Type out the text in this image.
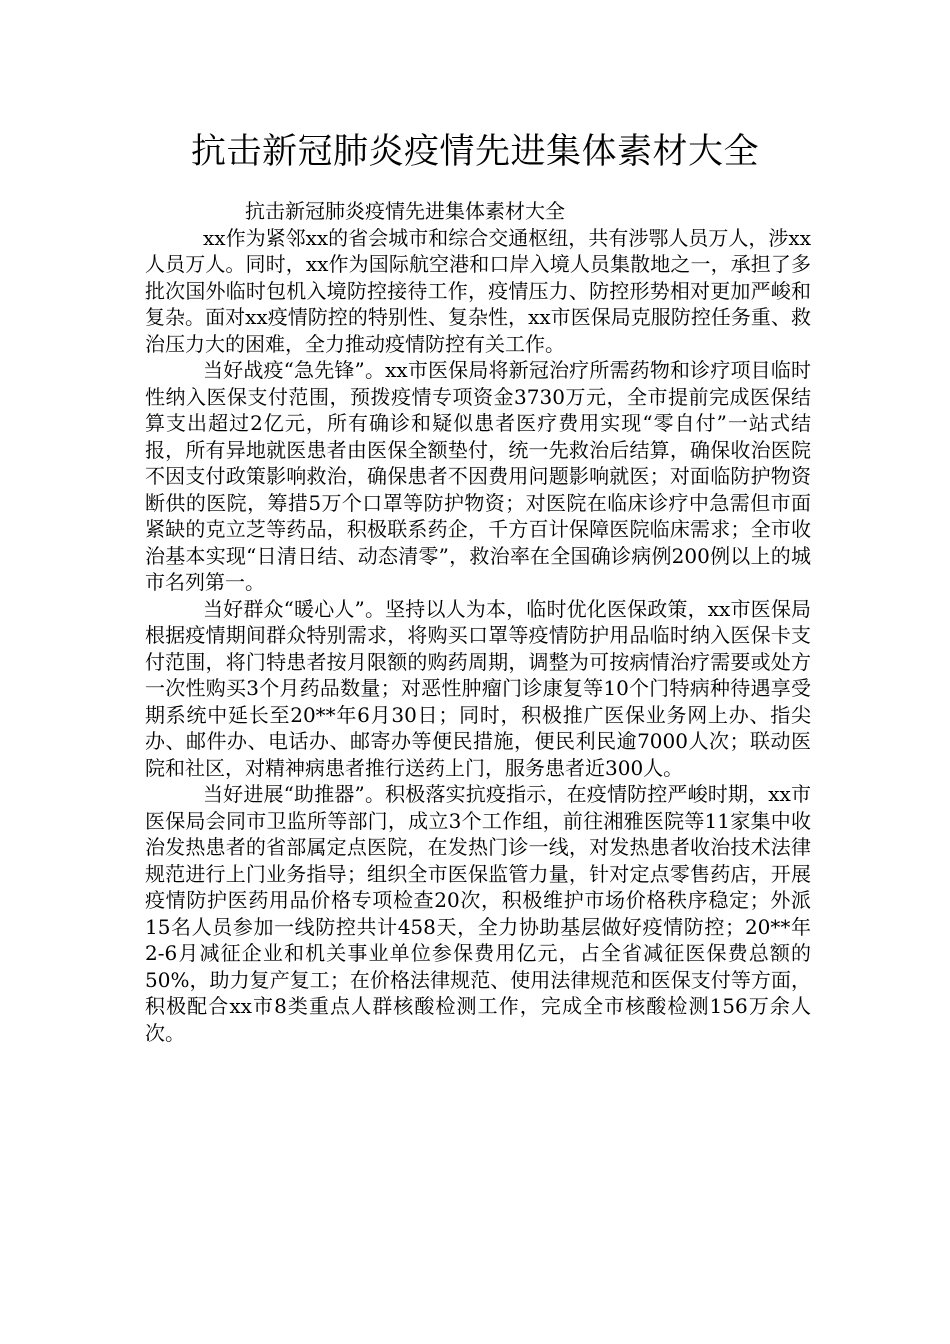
抗击新冠肺炎疫情先进集体素材大全

抗击新冠肺炎疫情先进集体素材大全

xx作为紧邻xx的省会城市和综合交通枢纽，共有涉鄂人员万人，涉xx人员万人。同时，xx作为国际航空港和口岸入境人员集散地之一，承担了多批次国外临时包机入境防控接待工作，疫情压力、防控形势相对更加严峻和复杂。面对xx疫情防控的特别性、复杂性，xx市医保局克服防控任务重、救治压力大的困难，全力推动疫情防控有关工作。

当好战疫“急先锋”。xx市医保局将新冠治疗所需药物和诊疗项目临时性纳入医保支付范围，预拨疫情专项资金3730万元，全市提前完成医保结算支出超过2亿元，所有确诊和疑似患者医疗费用实现“零自付”一站式结报，所有异地就医患者由医保全额垫付，统一先救治后结算，确保收治医院不因支付政策影响救治，确保患者不因费用问题影响就医；对面临防护物资断供的医院，筹措5万个口罩等防护物资；对医院在临床诊疗中急需但市面紧缺的克立芝等药品，积极联系药企，千方百计保障医院临床需求；全市收治基本实现“日清日结、动态清零”，救治率在全国确诊病例200例以上的城市名列第一。

当好群众“暖心人”。坚持以人为本，临时优化医保政策，xx市医保局根据疫情期间群众特别需求，将购买口罩等疫情防护用品临时纳入医保卡支付范围，将门特患者按月限额的购药周期，调整为可按病情治疗需要或处方一次性购买3个月药品数量；对恶性肿瘤门诊康复等10个门特病种待遇享受期系统中延长至20**年6月30日；同时，积极推广医保业务网上办、指尖办、邮件办、电话办、邮寄办等便民措施，便民利民逾7000人次；联动医院和社区，对精神病患者推行送药上门，服务患者近300人。

当好进展“助推器”。积极落实抗疫指示，在疫情防控严峻时期，xx市医保局会同市卫监所等部门，成立3个工作组，前往湘雅医院等11家集中收治发热患者的省部属定点医院，在发热门诊一线，对发热患者收治技术法律规范进行上门业务指导；组织全市医保监管力量，针对定点零售药店，开展疫情防护医药用品价格专项检查20次，积极维护市场价格秩序稳定；外派15名人员参加一线防控共计458天，全力协助基层做好疫情防控；20**年2-6月减征企业和机关事业单位参保费用亿元，占全省减征医保费总额的50%，助力复产复工；在价格法律规范、使用法律规范和医保支付等方面，积极配合xx市8类重点人群核酸检测工作，完成全市核酸检测156万余人次。
